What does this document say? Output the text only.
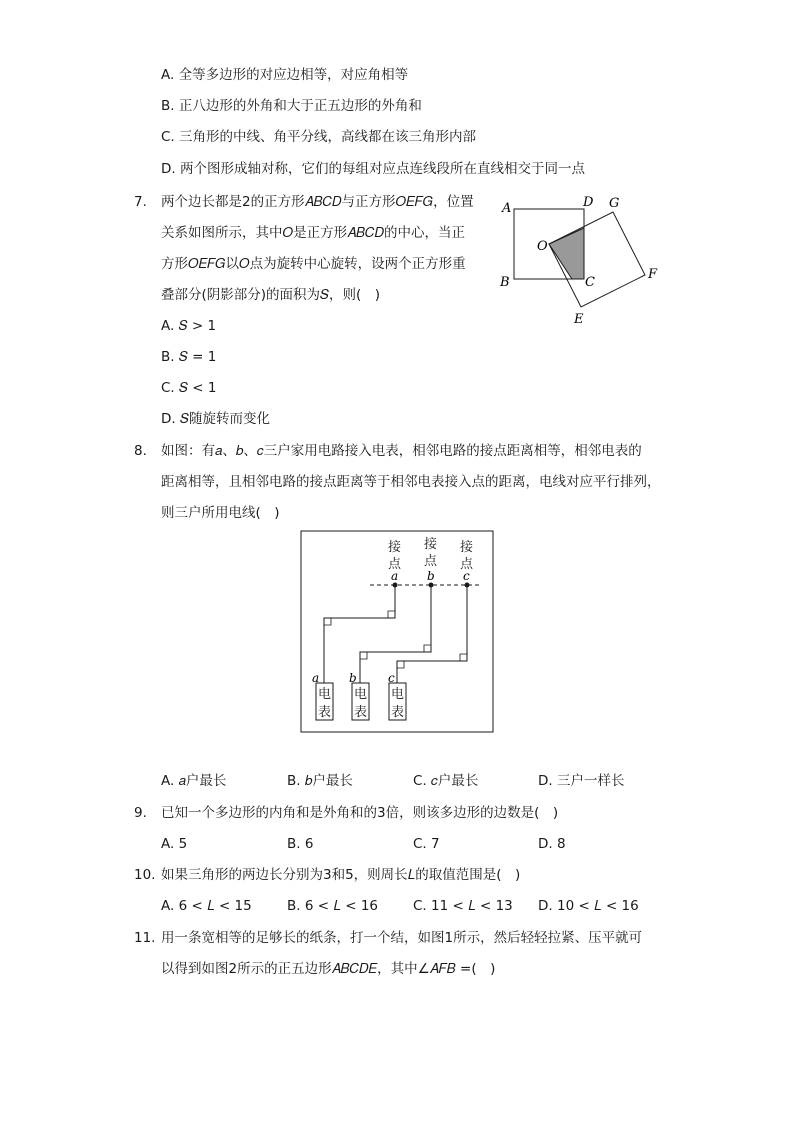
A. 全等多边形的对应边相等，对应角相等
B. 正八边形的外角和大于正五边形的外角和
C. 三角形的中线、角平分线，高线都在该三角形内部
D. 两个图形成轴对称，它们的每组对应点连线段所在直线相交于同一点
7. 两个边长都是2的正方形𝐴𝐵𝐶𝐷与正方形𝑂𝐸𝐹𝐺，位置
关系如图所示，其中𝑂是正方形𝐴𝐵𝐶𝐷的中心，当正
方形𝑂𝐸𝐹𝐺以𝑂点为旋转中心旋转，设两个正方形重
叠部分(阴影部分)的面积为𝑆，则(　)
A. 𝑆 > 1
B. 𝑆 = 1
C. 𝑆 < 1
D. 𝑆随旋转而变化
A	D G
O
B	C
F
E
8. 如图：有𝑎、𝑏、𝑐三户家用电路接入电表，相邻电路的接点距离相等，相邻电表的
距离相等，且相邻电路的接点距离等于相邻电表接入点的距离，电线对应平行排列，
则三户所用电线(　)
接
点
接
点
接
点
a b c
a b	c
电
表
电
表
电
表
A. 𝑎户最长	B. 𝑏户最长	C. 𝑐户最长	D. 三户一样长
9. 已知一个多边形的内角和是外角和的3倍，则该多边形的边数是(　)
A. 5	B. 6	C. 7	D. 8
10. 如果三角形的两边长分别为3和5，则周长𝐿的取值范围是(　)
A. 6 < 𝐿 < 15	B. 6 < 𝐿 < 16	C. 11 < 𝐿 < 13 D. 10 < 𝐿 < 16
11. 用一条宽相等的足够长的纸条，打一个结，如图1所示，然后轻轻拉紧、压平就可
以得到如图2所示的正五边形𝐴𝐵𝐶𝐷𝐸，其中∠𝐴𝐹𝐵 =(　)
